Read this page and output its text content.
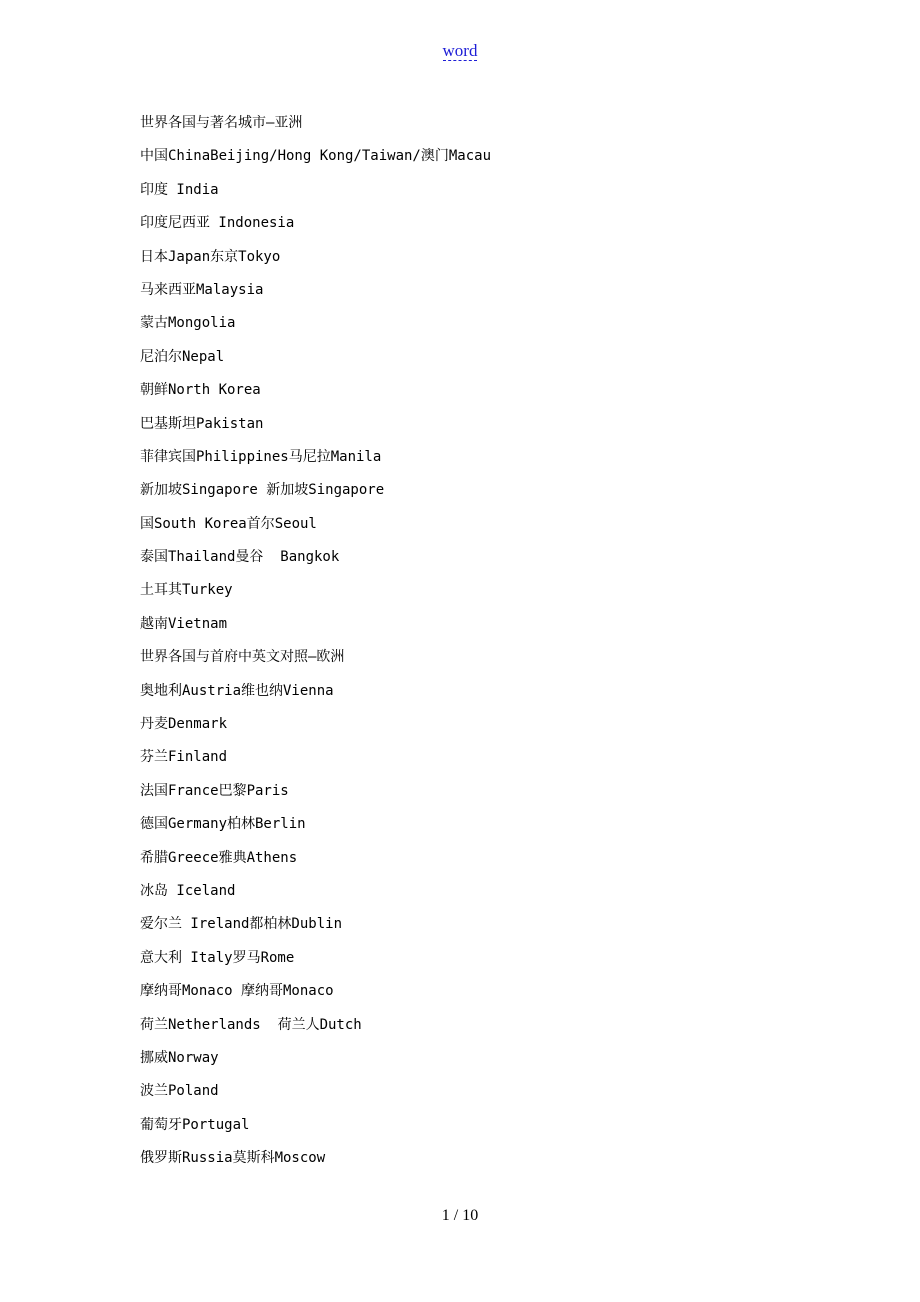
word
世界各国与著名城市—亚洲
中国ChinaBeijing/Hong Kong/Taiwan/澳门Macau
印度 India
印度尼西亚 Indonesia
日本Japan东京Tokyo
马来西亚Malaysia
蒙古Mongolia
尼泊尔Nepal
朝鲜North Korea
巴基斯坦Pakistan
菲律宾国Philippines马尼拉Manila
新加坡Singapore 新加坡Singapore
国South Korea首尔Seoul
泰国Thailand曼谷  Bangkok
土耳其Turkey
越南Vietnam
世界各国与首府中英文对照—欧洲
奥地利Austria维也纳Vienna
丹麦Denmark
芬兰Finland
法国France巴黎Paris
德国Germany柏林Berlin
希腊Greece雅典Athens
冰岛 Iceland
爱尔兰 Ireland都柏林Dublin
意大利 Italy罗马Rome
摩纳哥Monaco 摩纳哥Monaco
荷兰Netherlands  荷兰人Dutch
挪威Norway
波兰Poland
葡萄牙Portugal
俄罗斯Russia莫斯科Moscow
1 / 10
